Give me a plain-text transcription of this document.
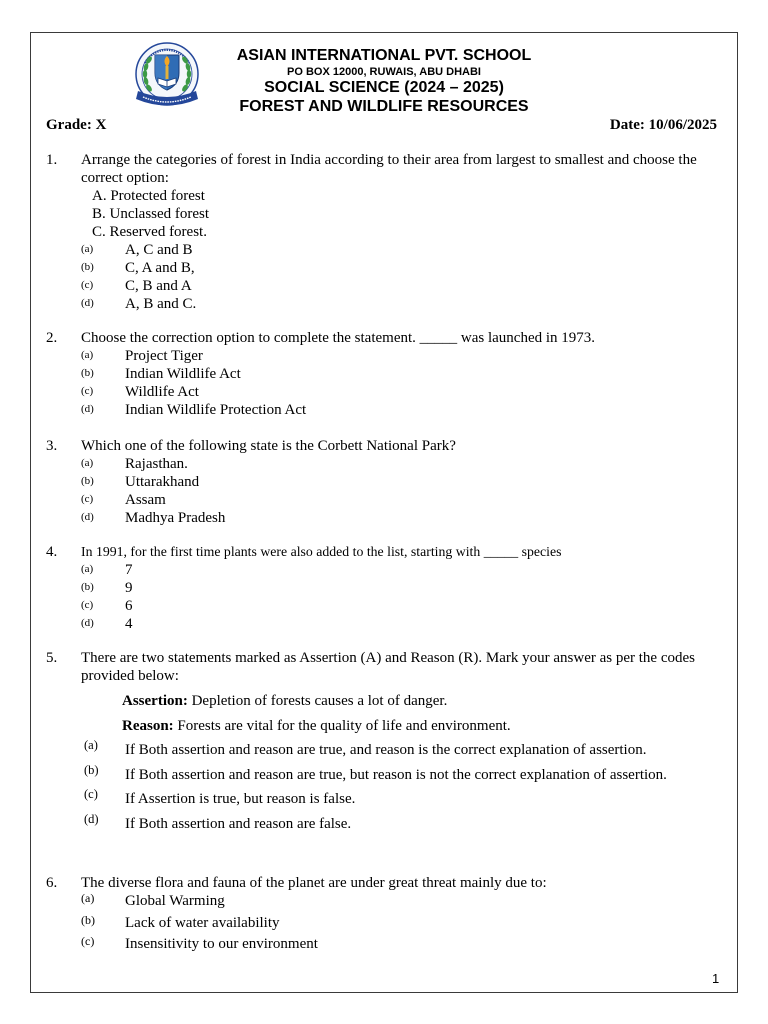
ASIAN INTERNATIONAL PVT. SCHOOL
PO BOX 12000, RUWAIS, ABU DHABI
SOCIAL SCIENCE (2024 – 2025)
FOREST AND WILDLIFE RESOURCES
Grade: X	Date: 10/06/2025
1. Arrange the categories of forest in India according to their area from largest to smallest and choose the correct option:
A. Protected forest
B. Unclassed forest
C. Reserved forest.
(a) A, C and B
(b) C, A and B,
(c) C, B and A
(d) A, B and C.
2. Choose the correction option to complete the statement. _____ was launched in 1973.
(a) Project Tiger
(b) Indian Wildlife Act
(c) Wildlife Act
(d) Indian Wildlife Protection Act
3. Which one of the following state is the Corbett National Park?
(a) Rajasthan.
(b) Uttarakhand
(c) Assam
(d) Madhya Pradesh
4. In 1991, for the first time plants were also added to the list, starting with _____ species
(a) 7
(b) 9
(c) 6
(d) 4
5. There are two statements marked as Assertion (A) and Reason (R). Mark your answer as per the codes provided below:
Assertion: Depletion of forests causes a lot of danger.
Reason: Forests are vital for the quality of life and environment.
(a) If Both assertion and reason are true, and reason is the correct explanation of assertion.
(b) If Both assertion and reason are true, but reason is not the correct explanation of assertion.
(c) If Assertion is true, but reason is false.
(d) If Both assertion and reason are false.
6. The diverse flora and fauna of the planet are under great threat mainly due to:
(a) Global Warming
(b) Lack of water availability
(c) Insensitivity to our environment
1
